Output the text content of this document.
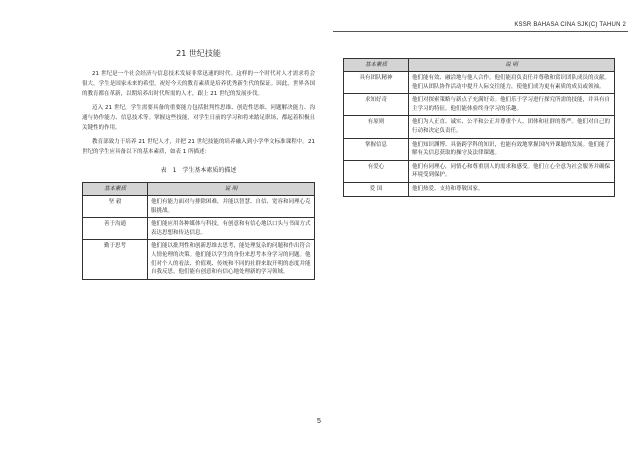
KSSR BAHASA CINA SJK(C) TAHUN 2
21 世纪技能

21 世纪是一个社会经济与信息技术发展非常迅速的时代。这样的一个时代对人才需求将会很大。学生是国家未来的希望，祝好今天的教育素质是培养优秀新生代的保证。因此，世界各国的教育都在革新，以期培养出时代所需的人才，跟上 21 世纪的发展步伐。

迈入 21 世纪，学生需要具备的重要能力包括批判性思维、创造性思维、问题解决能力、沟通与协作能力、信息技术等。掌握这些技能，对学生日前的学习和将来踏足职场，都起着积极且关键性的作用。

教育部致力于培养 21 世纪人才，并把 21 世纪技能的培养融入到小学华文标准课程中。21 世纪的学生应具备以下的基本素质，如表 1 所描述：

表 1 学生基本素质的描述
基本素质	说 明
坚 毅	他们有能力面对与排除困难，并能以智慧、自信、宽容和同理心克服挑战。
善于沟通	他们能应用各种媒体与科技，有创意和有信心地以口头与书面方式表达思想和传达信息。
勤于思考	他们能以批判性和创新思维去思考，能处理复杂的问题和作出符合人情伦理的决策。他们能以学生的身份来思考本身学习的问题。他们对个人的看法、价值观、传统和不同的社群来取开明的态度并能自我反思。他们能有创意和有信心地处理新的学习领域。
基本素质	说 明
具有团队精神	他们能有效、融洽地与他人合作。他们能肩负责任并尊敬和赏识团队成员的贡献。他们从团队协作活动中提升人际交往能力，使他们成为更有素质的成员或领袖。
求知好奇	他们对探索策略与新点子充满好奇。他们乐于学习进行探究所需的技能，并具有自主学习的特征。他们能体验终身学习的乐趣。
有原则	他们为人正直、诚实、公平和公正并尊重个人、团体和社群的尊严。他们对自己的行动和决定负责任。
掌握信息	他们知识渊博、具备跨学科的知识，也能有效地掌握国内外课题的发展。他们能了解有关信息获取的操守及法律课题。
有爱心	他们有同理心，同情心和尊重别人的需求和感受。他们立心全意为社会服务并确保环境受到保护。
爱 国	他们热爱、支持和尊敬国家。
5
